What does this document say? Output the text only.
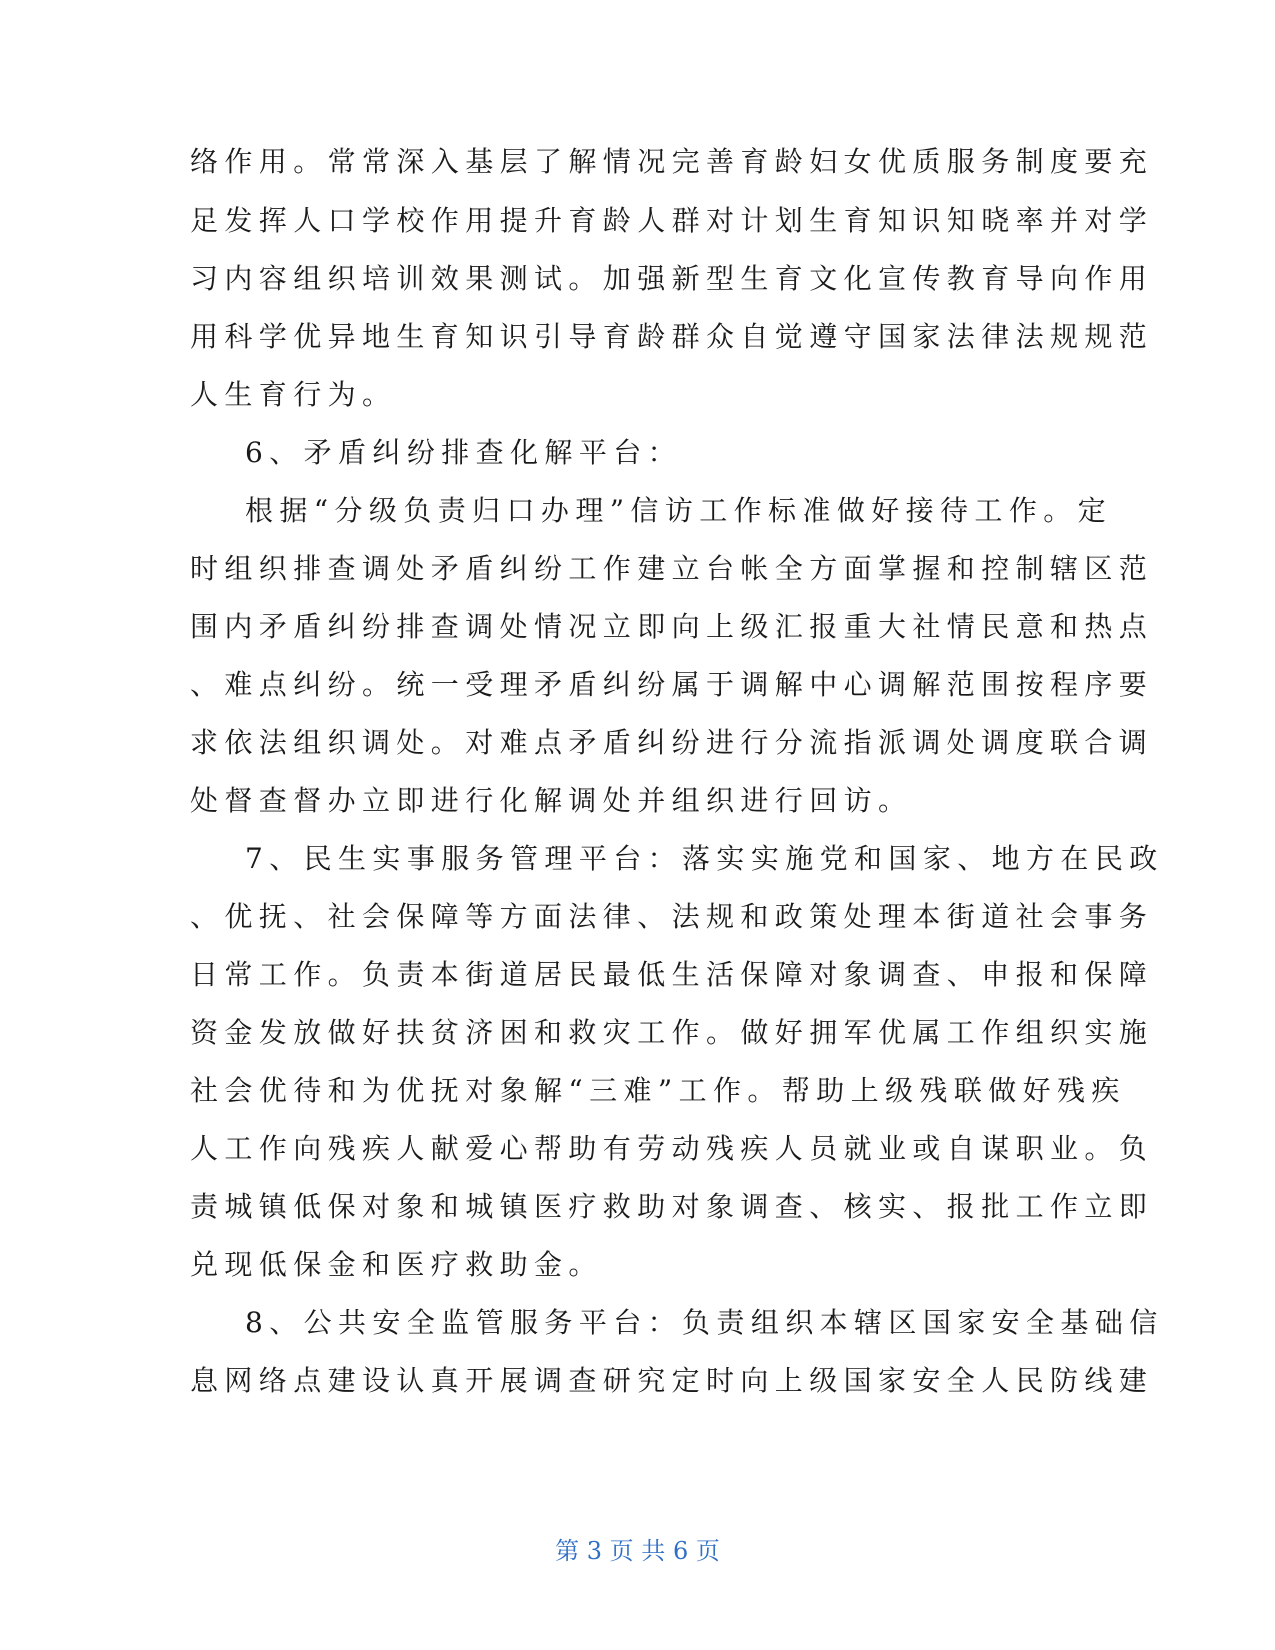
络作用。常常深入基层了解情况完善育龄妇女优质服务制度要充
足发挥人口学校作用提升育龄人群对计划生育知识知晓率并对学
习内容组织培训效果测试。加强新型生育文化宣传教育导向作用
用科学优异地生育知识引导育龄群众自觉遵守国家法律法规规范
人生育行为。
6、矛盾纠纷排查化解平台：
根据“分级负责归口办理”信访工作标准做好接待工作。定
时组织排查调处矛盾纠纷工作建立台帐全方面掌握和控制辖区范
围内矛盾纠纷排查调处情况立即向上级汇报重大社情民意和热点
、难点纠纷。统一受理矛盾纠纷属于调解中心调解范围按程序要
求依法组织调处。对难点矛盾纠纷进行分流指派调处调度联合调
处督查督办立即进行化解调处并组织进行回访。
7、民生实事服务管理平台：落实实施党和国家、地方在民政
、优抚、社会保障等方面法律、法规和政策处理本街道社会事务
日常工作。负责本街道居民最低生活保障对象调查、申报和保障
资金发放做好扶贫济困和救灾工作。做好拥军优属工作组织实施
社会优待和为优抚对象解“三难”工作。帮助上级残联做好残疾
人工作向残疾人献爱心帮助有劳动残疾人员就业或自谋职业。负
责城镇低保对象和城镇医疗救助对象调查、核实、报批工作立即
兑现低保金和医疗救助金。
8、公共安全监管服务平台：负责组织本辖区国家安全基础信
息网络点建设认真开展调查研究定时向上级国家安全人民防线建
第 3 页 共 6 页
